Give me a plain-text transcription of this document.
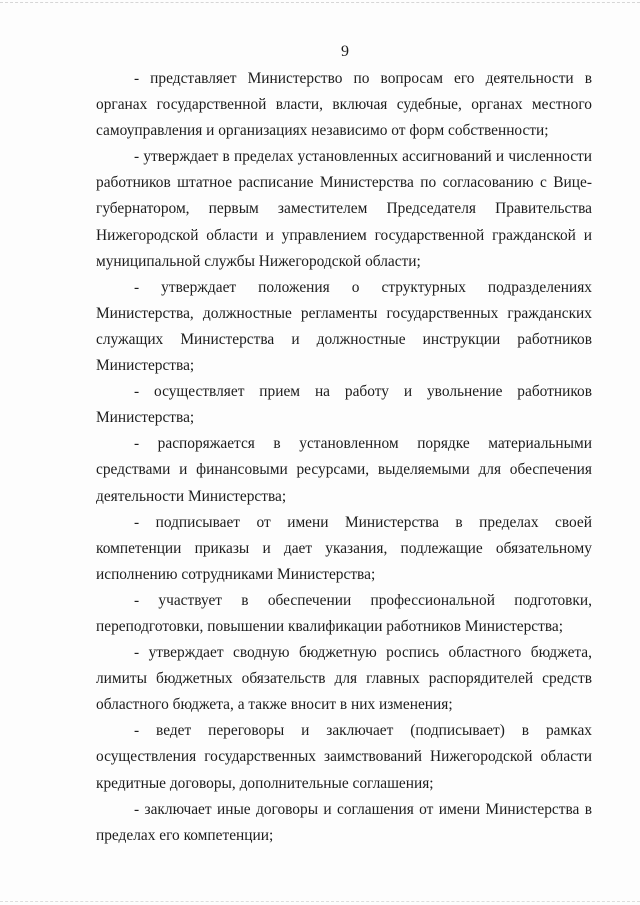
9

- представляет Министерство по вопросам его деятельности в органах государственной власти, включая судебные, органах местного самоуправления и организациях независимо от форм собственности;

- утверждает в пределах установленных ассигнований и численности работников штатное расписание Министерства по согласованию с Вице-губернатором, первым заместителем Председателя Правительства Нижегородской области и управлением государственной гражданской и муниципальной службы Нижегородской области;

- утверждает положения о структурных подразделениях Министерства, должностные регламенты государственных гражданских служащих Министерства и должностные инструкции работников Министерства;

- осуществляет прием на работу и увольнение работников Министерства;

- распоряжается в установленном порядке материальными средствами и финансовыми ресурсами, выделяемыми для обеспечения деятельности Министерства;

- подписывает от имени Министерства в пределах своей компетенции приказы и дает указания, подлежащие обязательному исполнению сотрудниками Министерства;

- участвует в обеспечении профессиональной подготовки, переподготовки, повышении квалификации работников Министерства;

- утверждает сводную бюджетную роспись областного бюджета, лимиты бюджетных обязательств для главных распорядителей средств областного бюджета, а также вносит в них изменения;

- ведет переговоры и заключает (подписывает) в рамках осуществления государственных заимствований Нижегородской области кредитные договоры, дополнительные соглашения;

- заключает иные договоры и соглашения от имени Министерства в пределах его компетенции;
